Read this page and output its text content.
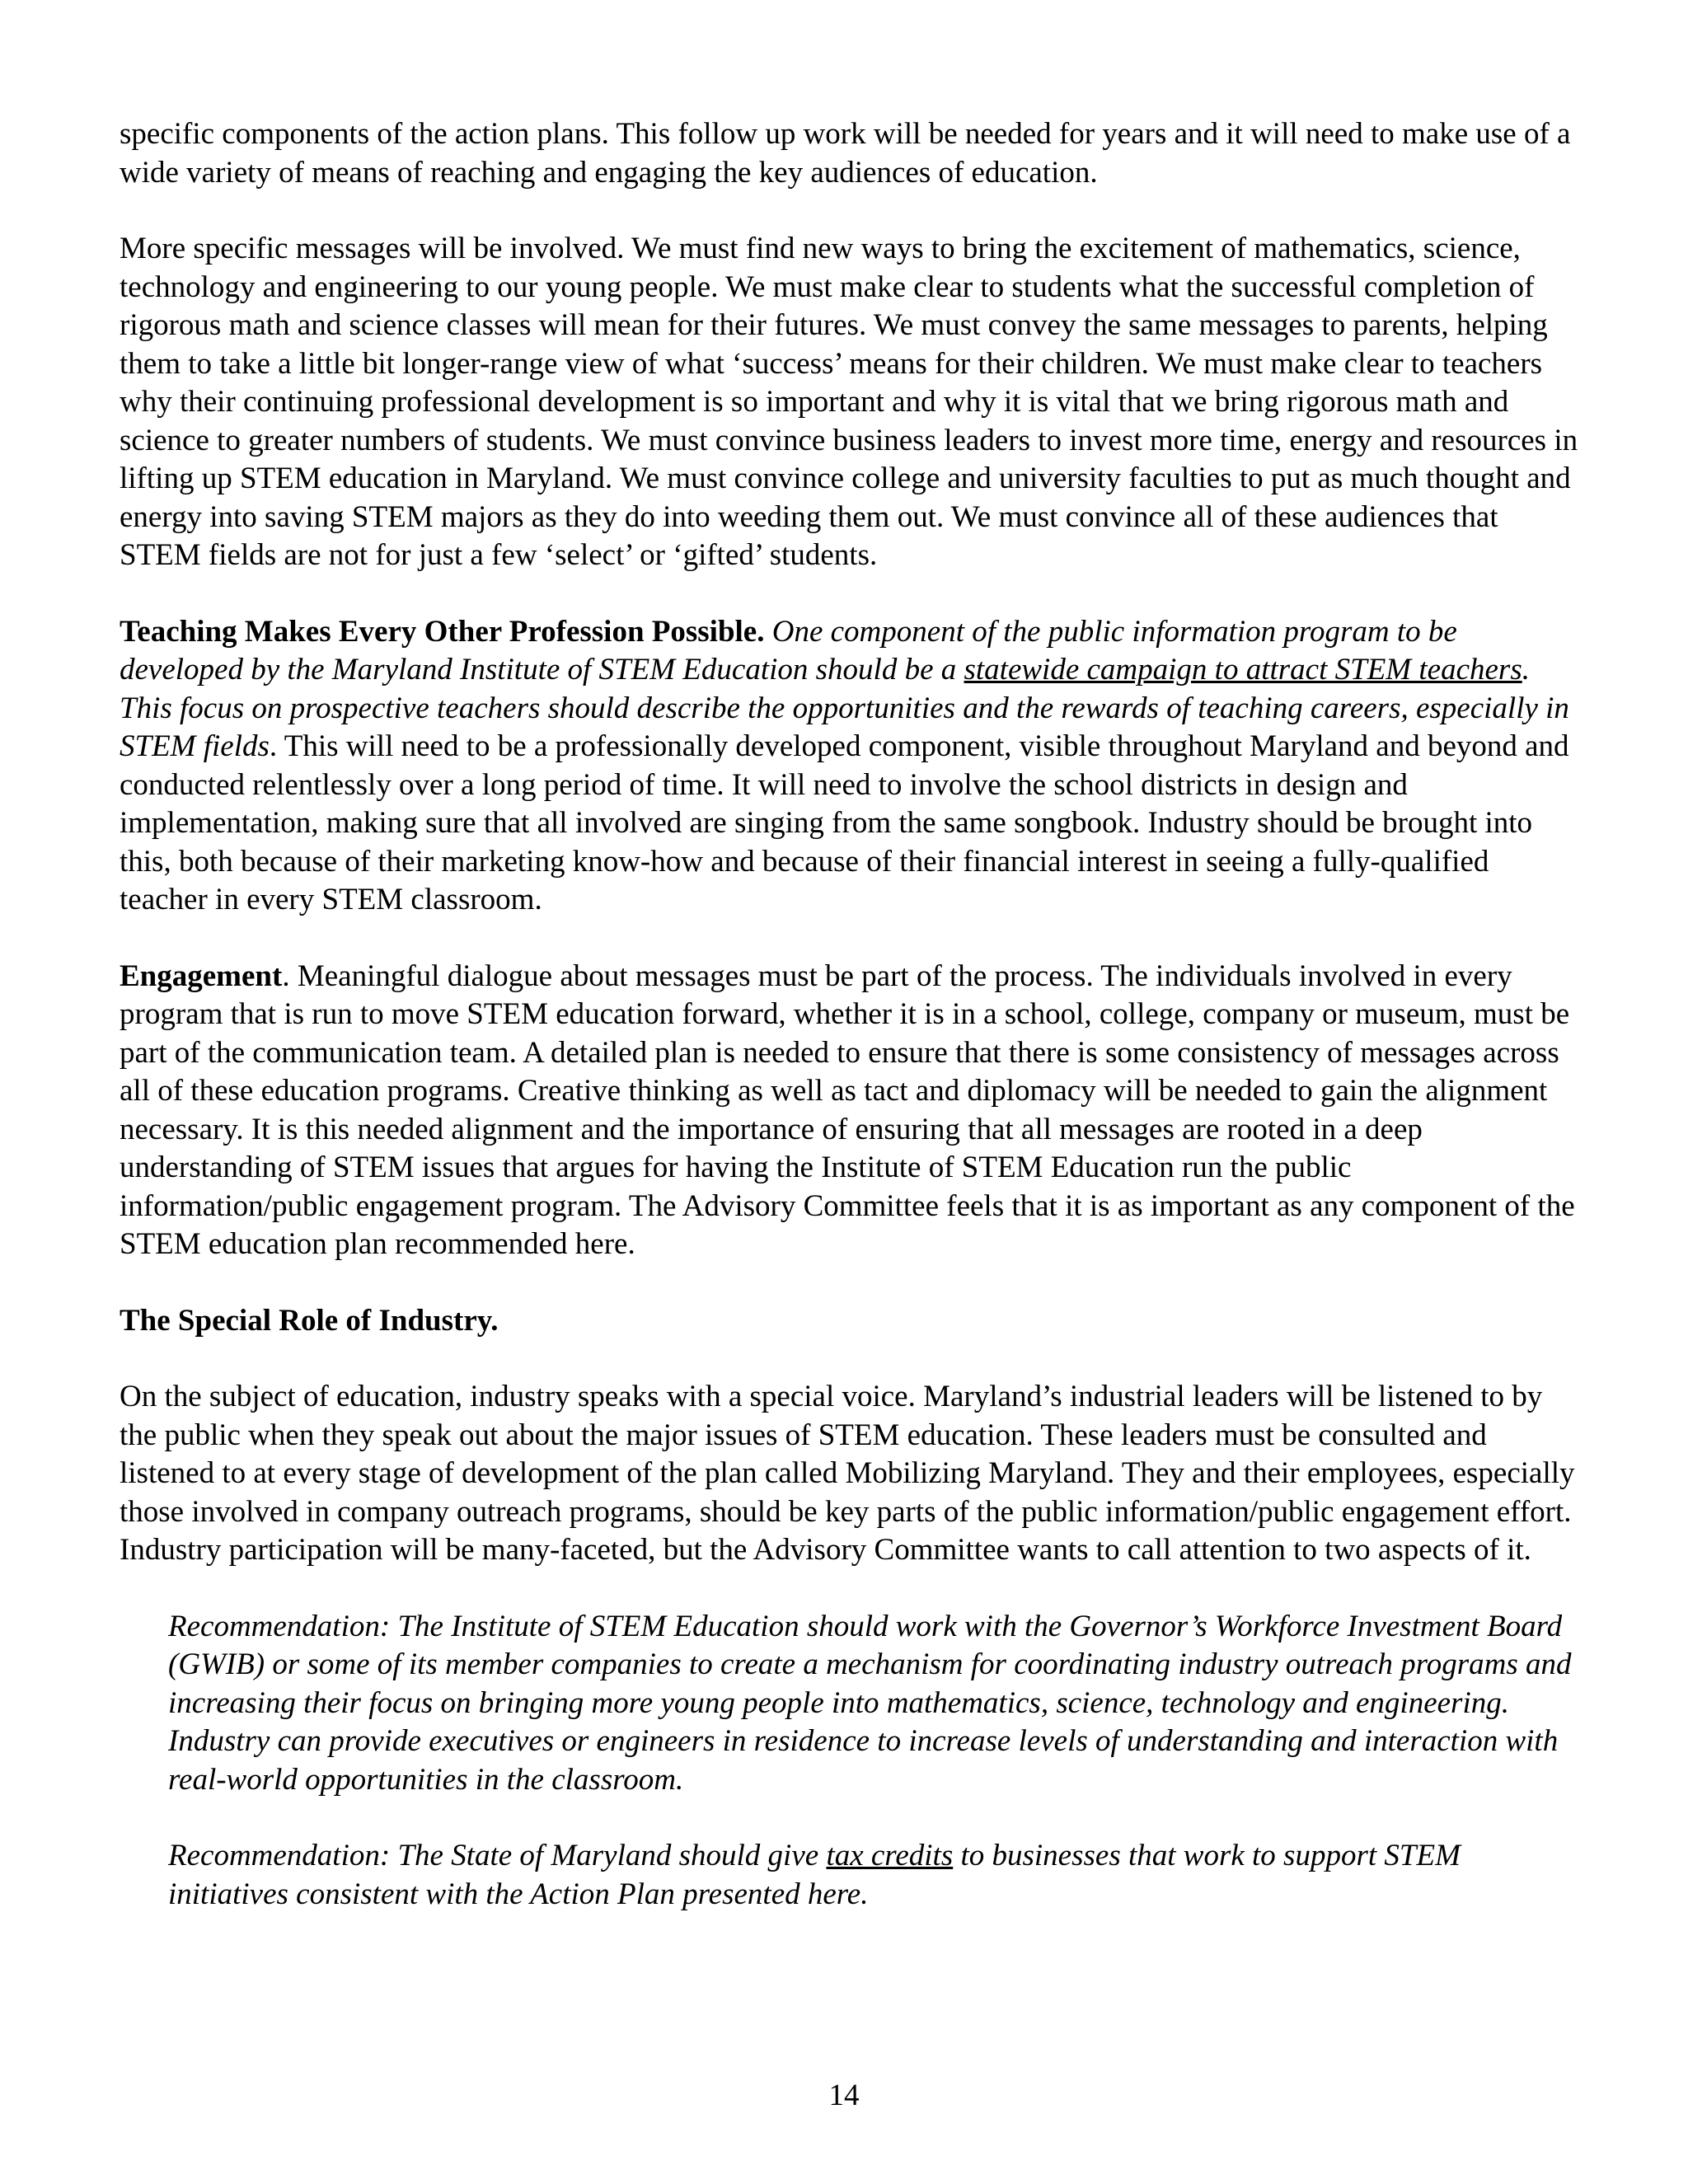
specific components of the action plans. This follow up work will be needed for years and it will need to make use of a wide variety of means of reaching and engaging the key audiences of education.

More specific messages will be involved. We must find new ways to bring the excitement of mathematics, science, technology and engineering to our young people. We must make clear to students what the successful completion of rigorous math and science classes will mean for their futures. We must convey the same messages to parents, helping them to take a little bit longer-range view of what ‘success’ means for their children. We must make clear to teachers why their continuing professional development is so important and why it is vital that we bring rigorous math and science to greater numbers of students. We must convince business leaders to invest more time, energy and resources in lifting up STEM education in Maryland. We must convince college and university faculties to put as much thought and energy into saving STEM majors as they do into weeding them out. We must convince all of these audiences that STEM fields are not for just a few ‘select’ or ‘gifted’ students.

Teaching Makes Every Other Profession Possible. One component of the public information program to be developed by the Maryland Institute of STEM Education should be a statewide campaign to attract STEM teachers. This focus on prospective teachers should describe the opportunities and the rewards of teaching careers, especially in STEM fields. This will need to be a professionally developed component, visible throughout Maryland and beyond and conducted relentlessly over a long period of time. It will need to involve the school districts in design and implementation, making sure that all involved are singing from the same songbook. Industry should be brought into this, both because of their marketing know-how and because of their financial interest in seeing a fully-qualified teacher in every STEM classroom.

Engagement. Meaningful dialogue about messages must be part of the process. The individuals involved in every program that is run to move STEM education forward, whether it is in a school, college, company or museum, must be part of the communication team. A detailed plan is needed to ensure that there is some consistency of messages across all of these education programs. Creative thinking as well as tact and diplomacy will be needed to gain the alignment necessary. It is this needed alignment and the importance of ensuring that all messages are rooted in a deep understanding of STEM issues that argues for having the Institute of STEM Education run the public information/public engagement program. The Advisory Committee feels that it is as important as any component of the STEM education plan recommended here.

The Special Role of Industry.

On the subject of education, industry speaks with a special voice. Maryland’s industrial leaders will be listened to by the public when they speak out about the major issues of STEM education. These leaders must be consulted and listened to at every stage of development of the plan called Mobilizing Maryland. They and their employees, especially those involved in company outreach programs, should be key parts of the public information/public engagement effort. Industry participation will be many-faceted, but the Advisory Committee wants to call attention to two aspects of it.

Recommendation: The Institute of STEM Education should work with the Governor’s Workforce Investment Board (GWIB) or some of its member companies to create a mechanism for coordinating industry outreach programs and increasing their focus on bringing more young people into mathematics, science, technology and engineering. Industry can provide executives or engineers in residence to increase levels of understanding and interaction with real-world opportunities in the classroom.

Recommendation: The State of Maryland should give tax credits to businesses that work to support STEM initiatives consistent with the Action Plan presented here.

14
